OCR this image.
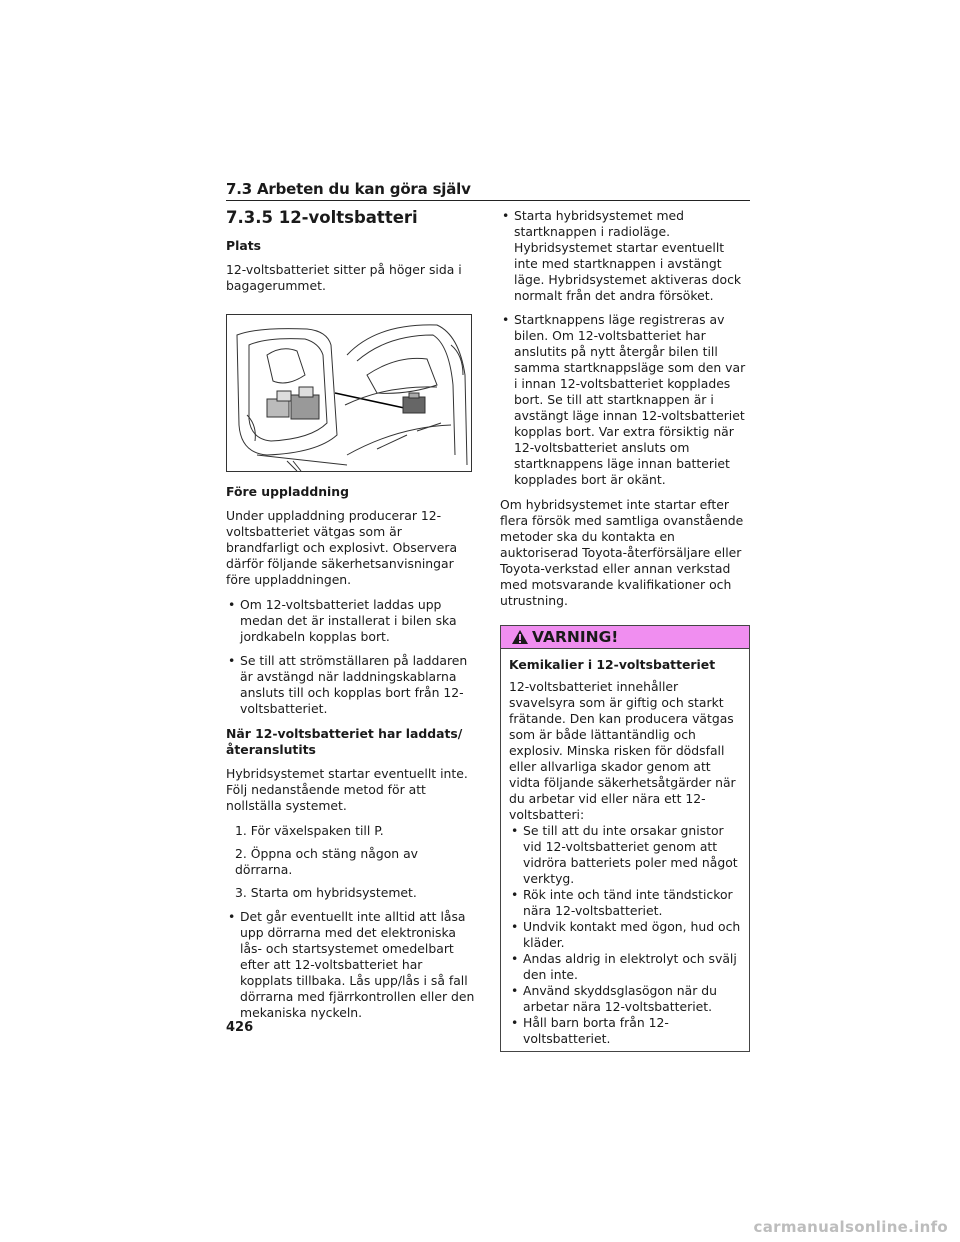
7.3 Arbeten du kan göra själv
7.3.5 12-voltsbatteri
Plats

12-voltsbatteriet sitter på höger sida i bagagerummet.

Före uppladdning

Under uppladdning producerar 12-voltsbatteriet vätgas som är brandfarligt och explosivt. Observera därför följande säkerhetsanvisningar före uppladdningen.

• Om 12-voltsbatteriet laddas upp medan det är installerat i bilen ska jordkabeln kopplas bort.
• Se till att strömställaren på laddaren är avstängd när laddningskablarna ansluts till och kopplas bort från 12-voltsbatteriet.
När 12-voltsbatteriet har laddats/återanslutits

Hybridsystemet startar eventuellt inte. Följ nedanstående metod för att nollställa systemet.

1. För växelspaken till P.
2. Öppna och stäng någon av dörrarna.
3. Starta om hybridsystemet.
• Det går eventuellt inte alltid att låsa upp dörrarna med det elektroniska lås- och startsystemet omedelbart efter att 12-voltsbatteriet har kopplats tillbaka. Lås upp/lås i så fall dörrarna med fjärrkontrollen eller den mekaniska nyckeln.
• Starta hybridsystemet med startknappen i radioläge. Hybridsystemet startar eventuellt inte med startknappen i avstängt läge. Hybridsystemet aktiveras dock normalt från det andra försöket.
• Startknappens läge registreras av bilen. Om 12-voltsbatteriet har anslutits på nytt återgår bilen till samma startknappsläge som den var i innan 12-voltsbatteriet kopplades bort. Se till att startknappen är i avstängt läge innan 12-voltsbatteriet kopplas bort. Var extra försiktig när 12-voltsbatteriet ansluts om startknappens läge innan batteriet kopplades bort är okänt.

Om hybridsystemet inte startar efter flera försök med samtliga ovanstående metoder ska du kontakta en auktoriserad Toyota-återförsäljare eller Toyota-verkstad eller annan verkstad med motsvarande kvalifikationer och utrustning.

VARNING!
Kemikalier i 12-voltsbatteriet

12-voltsbatteriet innehåller svavelsyra som är giftig och starkt frätande. Den kan producera vätgas som är både lättantändlig och explosiv. Minska risken för dödsfall eller allvarliga skador genom att vidta följande säkerhetsåtgärder när du arbetar vid eller nära ett 12-voltsbatteri:

• Se till att du inte orsakar gnistor vid 12-voltsbatteriet genom att vidröra batteriets poler med något verktyg.
• Rök inte och tänd inte tändstickor nära 12-voltsbatteriet.
• Undvik kontakt med ögon, hud och kläder.
• Andas aldrig in elektrolyt och svälj den inte.
• Använd skyddsglasögon när du arbetar nära 12-voltsbatteriet.
• Håll barn borta från 12-voltsbatteriet.
426
carmanualsonline.info
